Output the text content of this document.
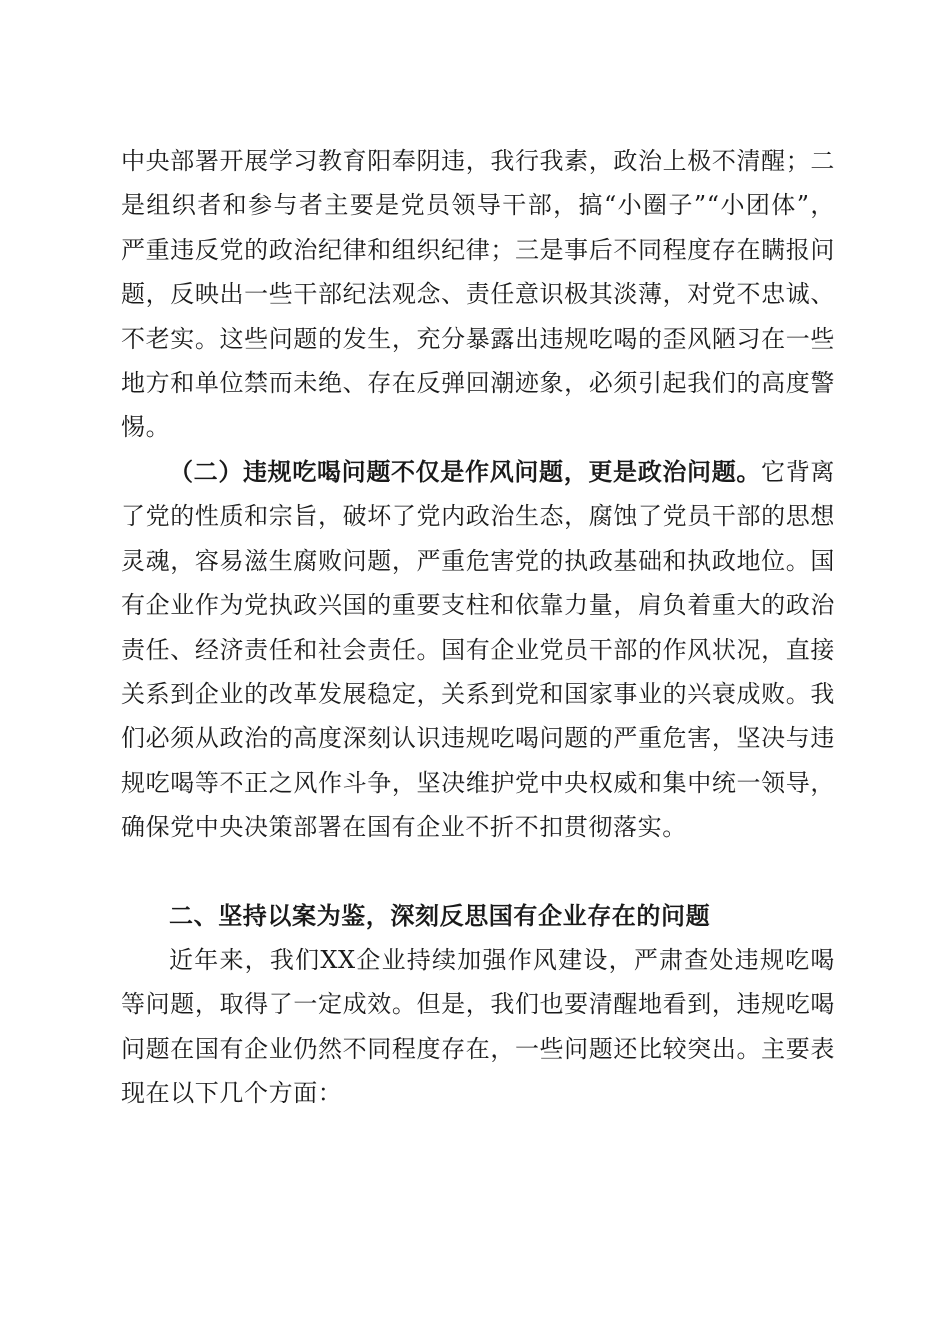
中央部署开展学习教育阳奉阴违，我行我素，政治上极不清醒；二是组织者和参与者主要是党员领导干部，搞“小圈子”“小团体”，严重违反党的政治纪律和组织纪律；三是事后不同程度存在瞒报问题，反映出一些干部纪法观念、责任意识极其淡薄，对党不忠诚、不老实。这些问题的发生，充分暴露出违规吃喝的歪风陋习在一些地方和单位禁而未绝、存在反弹回潮迹象，必须引起我们的高度警惕。

（二）违规吃喝问题不仅是作风问题，更是政治问题。它背离了党的性质和宗旨，破坏了党内政治生态，腐蚀了党员干部的思想灵魂，容易滋生腐败问题，严重危害党的执政基础和执政地位。国有企业作为党执政兴国的重要支柱和依靠力量，肩负着重大的政治责任、经济责任和社会责任。国有企业党员干部的作风状况，直接关系到企业的改革发展稳定，关系到党和国家事业的兴衰成败。我们必须从政治的高度深刻认识违规吃喝问题的严重危害，坚决与违规吃喝等不正之风作斗争，坚决维护党中央权威和集中统一领导，确保党中央决策部署在国有企业不折不扣贯彻落实。

二、坚持以案为鉴，深刻反思国有企业存在的问题

近年来，我们XX企业持续加强作风建设，严肃查处违规吃喝等问题，取得了一定成效。但是，我们也要清醒地看到，违规吃喝问题在国有企业仍然不同程度存在，一些问题还比较突出。主要表现在以下几个方面：
